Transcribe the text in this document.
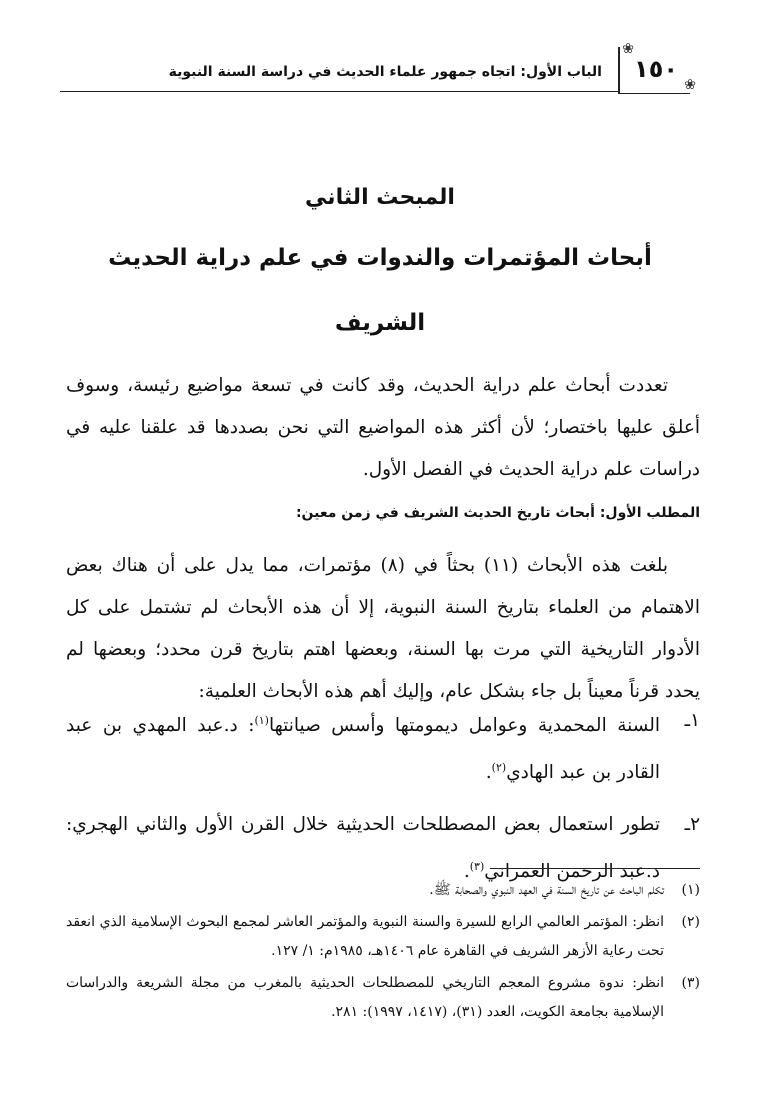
❀
١٥٠
❀
الباب الأول: اتجاه جمهور علماء الحديث في دراسة السنة النبوية
المبحث الثاني
أبحاث المؤتمرات والندوات في علم دراية الحديث
الشريف

تعددت أبحاث علم دراية الحديث، وقد كانت في تسعة مواضيع رئيسة، وسوف أعلق عليها باختصار؛ لأن أكثر هذه المواضيع التي نحن بصددها قد علقنا عليه في دراسات علم دراية الحديث في الفصل الأول.

المطلب الأول: أبحاث تاريخ الحديث الشريف في زمن معين:

بلغت هذه الأبحاث (١١) بحثاً في (٨) مؤتمرات، مما يدل على أن هناك بعض الاهتمام من العلماء بتاريخ السنة النبوية، إلا أن هذه الأبحاث لم تشتمل على كل الأدوار التاريخية التي مرت بها السنة، وبعضها اهتم بتاريخ قرن محدد؛ وبعضها لم يحدد قرناً معيناً بل جاء بشكل عام، وإليك أهم هذه الأبحاث العلمية:

١ـ
السنة المحمدية وعوامل ديمومتها وأسس صيانتها$^{(١)}$: د.عبد المهدي بن عبد القادر بن عبد الهادي$^{(٢)}$.
٢ـ
تطور استعمال بعض المصطلحات الحديثية خلال القرن الأول والثاني الهجري: د.عبد الرحمن العمراني$^{(٣)}$.
(١)
تكلم الباحث عن تاريخ السنة في العهد النبوي والصحابة ﷺ.
(٢)
انظر: المؤتمر العالمي الرابع للسيرة والسنة النبوية والمؤتمر العاشر لمجمع البحوث الإسلامية الذي انعقد تحت رعاية الأزهر الشريف في القاهرة عام ١٤٠٦هـ، ١٩٨٥م: ١/ ١٢٧.
(٣)
انظر: ندوة مشروع المعجم التاريخي للمصطلحات الحديثية بالمغرب من مجلة الشريعة والدراسات الإسلامية بجامعة الكويت، العدد (٣١)، (١٤١٧، ١٩٩٧): ٢٨١.
